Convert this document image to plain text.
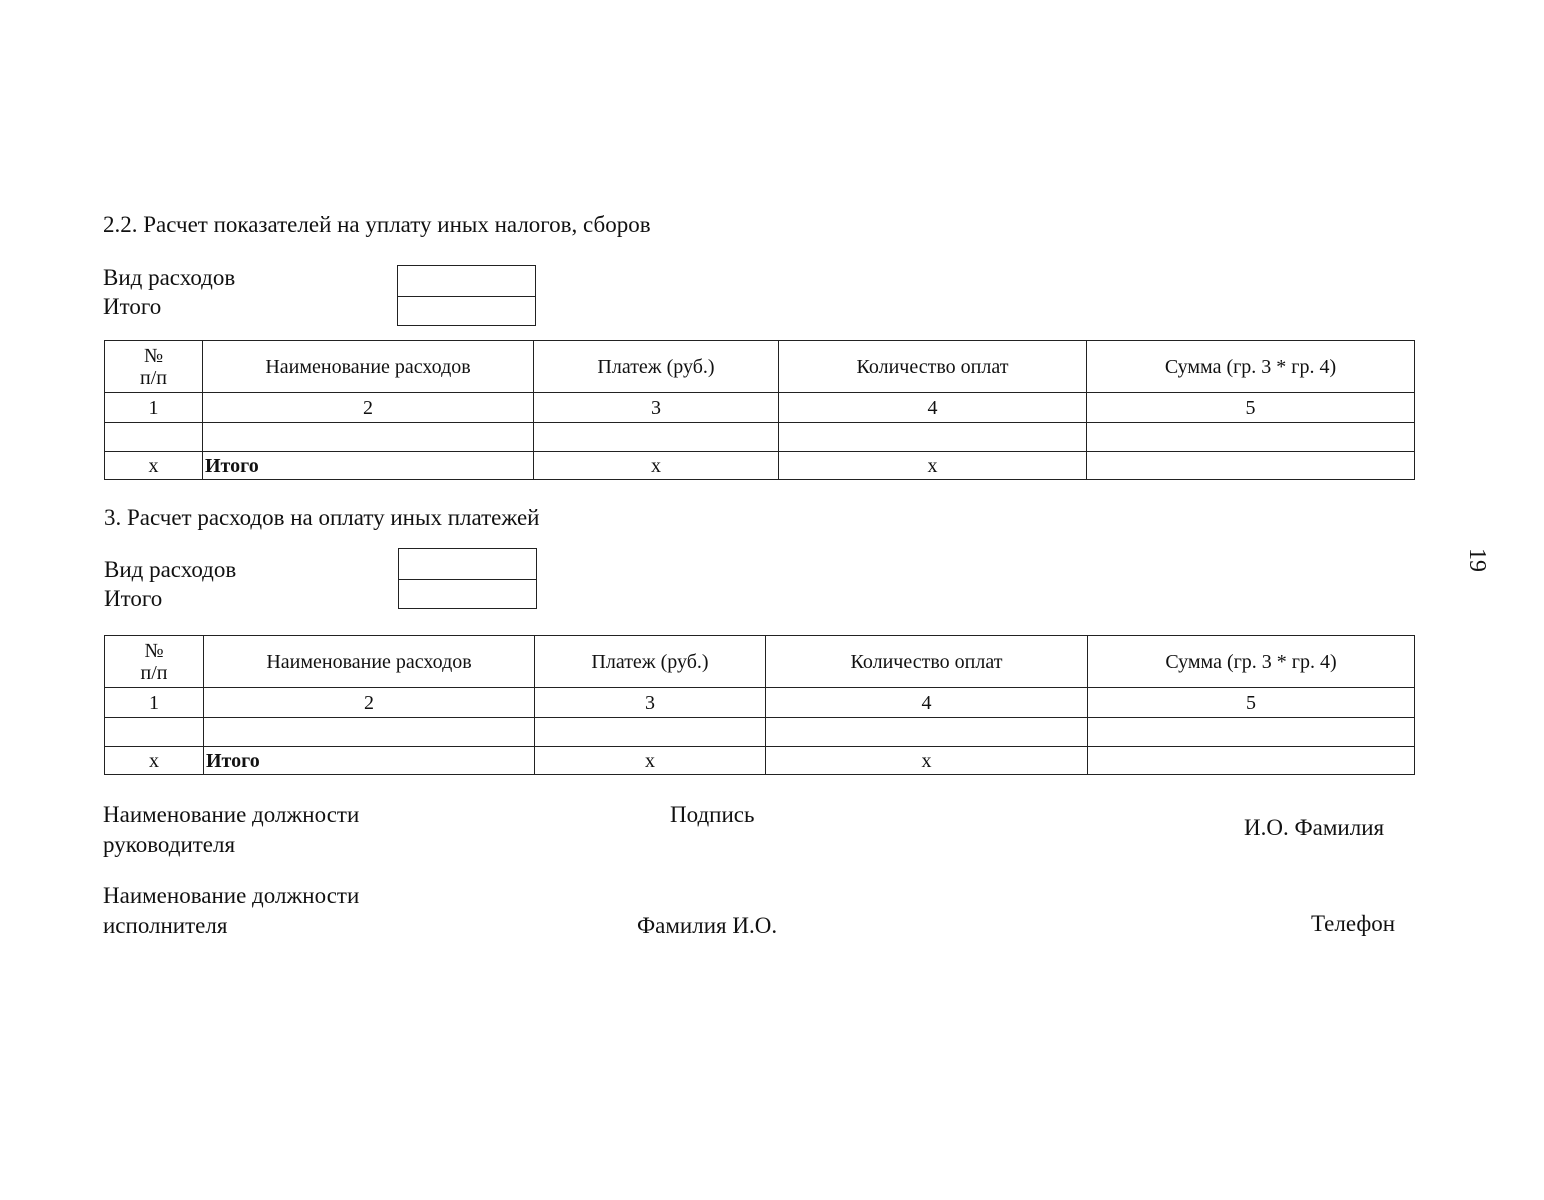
2.2. Расчет показателей на уплату иных налогов, сборов
Вид расходов
Итого
№
п/п	Наименование расходов	Платеж (руб.)	Количество оплат	Сумма (гр. 3 * гр. 4)
1	2	3	4	5

x	Итого	x	x	
3. Расчет расходов на оплату иных платежей
Вид расходов
Итого
№
п/п	Наименование расходов	Платеж (руб.)	Количество оплат	Сумма (гр. 3 * гр. 4)
1	2	3	4	5

x	Итого	x	x	
Наименование должности
руководителя
Подпись
И.О. Фамилия
Наименование должности
исполнителя	Фамилия И.О.	Телефон
19
